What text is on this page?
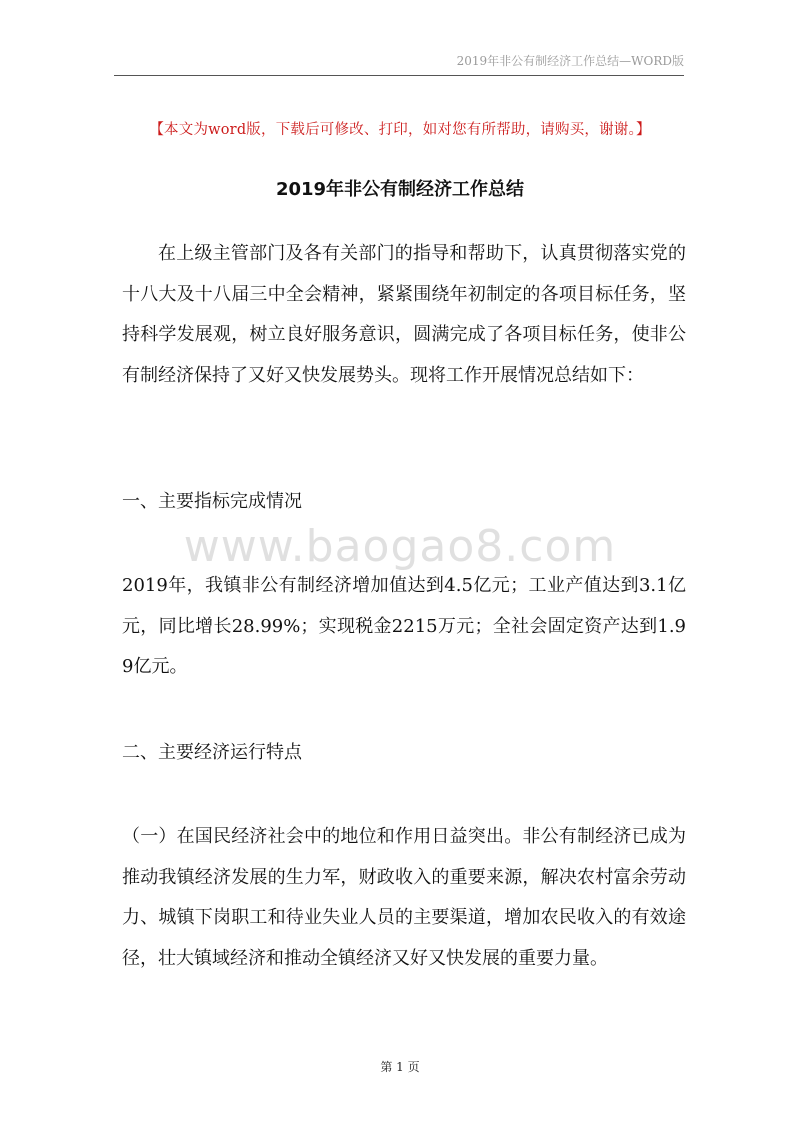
2019年非公有制经济工作总结—WORD版
【本文为word版，下载后可修改、打印，如对您有所帮助，请购买，谢谢。】
2019年非公有制经济工作总结

在上级主管部门及各有关部门的指导和帮助下，认真贯彻落实党的十八大及十八届三中全会精神，紧紧围绕年初制定的各项目标任务，坚持科学发展观，树立良好服务意识，圆满完成了各项目标任务，使非公有制经济保持了又好又快发展势头。现将工作开展情况总结如下：

一、主要指标完成情况
www.baogao8.com

2019年，我镇非公有制经济增加值达到4.5亿元；工业产值达到3.1亿元，同比增长28.99%；实现税金2215万元；全社会固定资产达到1.99亿元。

二、主要经济运行特点

（一）在国民经济社会中的地位和作用日益突出。非公有制经济已成为推动我镇经济发展的生力军，财政收入的重要来源，解决农村富余劳动力、城镇下岗职工和待业失业人员的主要渠道，增加农民收入的有效途径，壮大镇域经济和推动全镇经济又好又快发展的重要力量。

第 1 页
